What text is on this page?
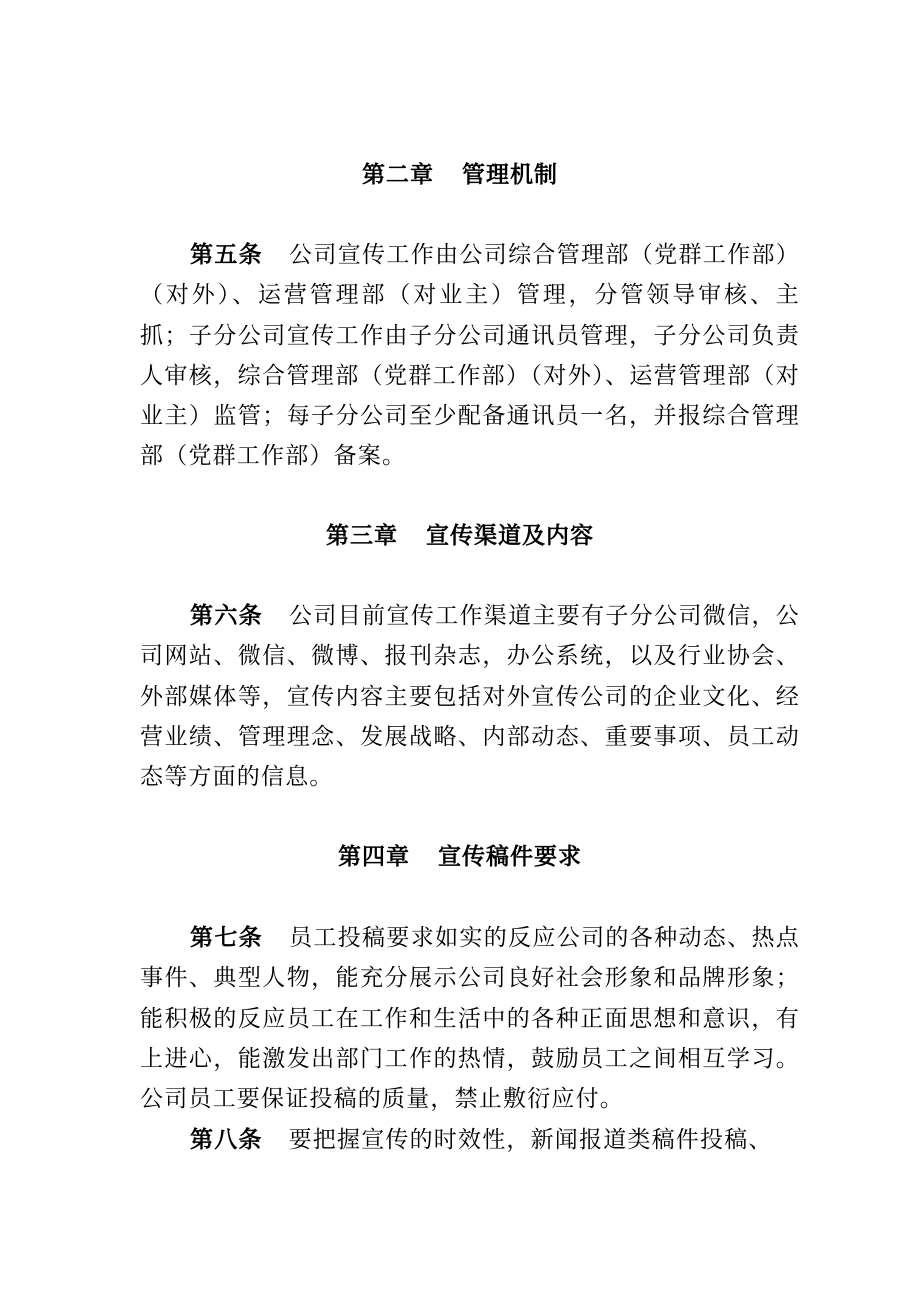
第二章 管理机制
第五条 公司宣传工作由公司综合管理部（党群工作部）（对外）、运营管理部（对业主）管理，分管领导审核、主抓；子分公司宣传工作由子分公司通讯员管理，子分公司负责人审核，综合管理部（党群工作部）（对外）、运营管理部（对业主）监管；每子分公司至少配备通讯员一名，并报综合管理部（党群工作部）备案。
第三章 宣传渠道及内容
第六条 公司目前宣传工作渠道主要有子分公司微信，公司网站、微信、微博、报刊杂志，办公系统，以及行业协会、外部媒体等，宣传内容主要包括对外宣传公司的企业文化、经营业绩、管理理念、发展战略、内部动态、重要事项、员工动态等方面的信息。
第四章 宣传稿件要求
第七条 员工投稿要求如实的反应公司的各种动态、热点事件、典型人物，能充分展示公司良好社会形象和品牌形象；能积极的反应员工在工作和生活中的各种正面思想和意识，有上进心，能激发出部门工作的热情，鼓励员工之间相互学习。公司员工要保证投稿的质量，禁止敷衍应付。
第八条 要把握宣传的时效性，新闻报道类稿件投稿、
